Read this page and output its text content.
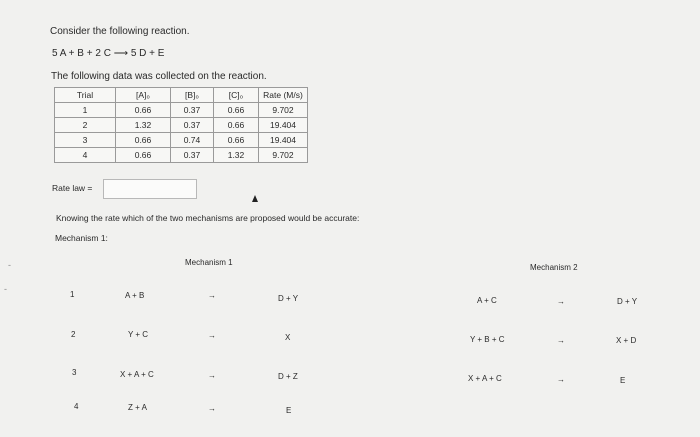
Consider the following reaction.
5 A + B + 2 C ⟶ 5 D + E
The following data was collected on the reaction.
Trial	[A]₀	[B]₀	[C]₀	Rate (M/s)
1	0.66	0.37	0.66	9.702
2	1.32	0.37	0.66	19.404
3	0.66	0.74	0.66	19.404
4	0.66	0.37	1.32	9.702
Rate law =
Knowing the rate which of the two mechanisms are proposed would be accurate:
Mechanism 1:
Mechanism 1
Mechanism 2
-
-
1	A + B	→	D + Y
2	Y + C	→	X
3	X + A + C	→	D + Z
4	Z + A	→	E
A + C	→	D + Y
Y + B + C	→	X + D
X + A + C	→	E
